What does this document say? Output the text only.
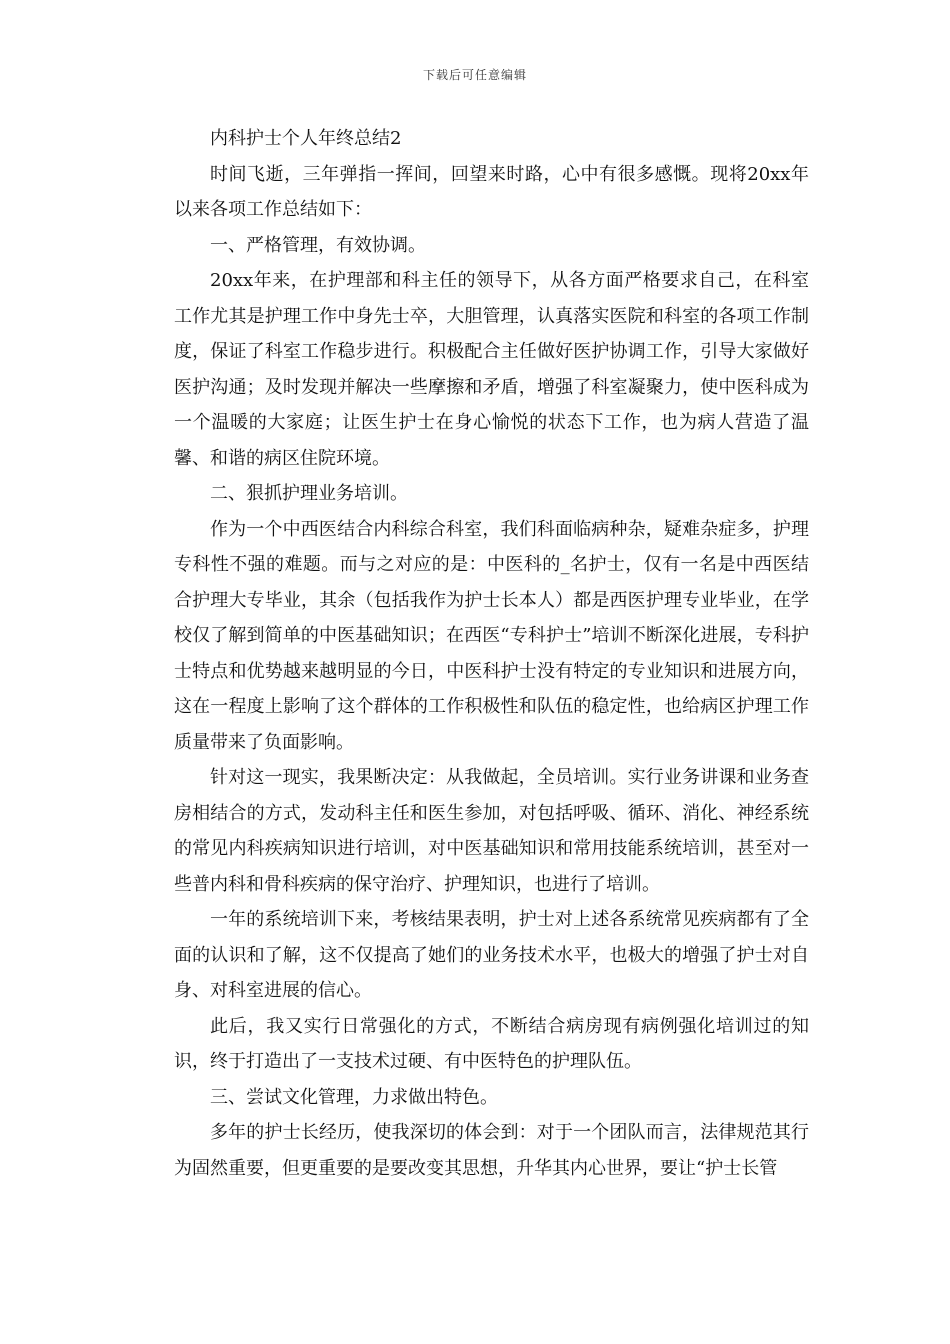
下载后可任意编辑

内科护士个人年终总结2

时间飞逝，三年弹指一挥间，回望来时路，心中有很多感慨。现将20xx年以来各项工作总结如下：

一、严格管理，有效协调。

20xx年来，在护理部和科主任的领导下，从各方面严格要求自己，在科室工作尤其是护理工作中身先士卒，大胆管理，认真落实医院和科室的各项工作制度，保证了科室工作稳步进行。积极配合主任做好医护协调工作，引导大家做好医护沟通；及时发现并解决一些摩擦和矛盾，增强了科室凝聚力，使中医科成为一个温暖的大家庭；让医生护士在身心愉悦的状态下工作，也为病人营造了温馨、和谐的病区住院环境。

二、狠抓护理业务培训。

作为一个中西医结合内科综合科室，我们科面临病种杂，疑难杂症多，护理专科性不强的难题。而与之对应的是：中医科的_名护士，仅有一名是中西医结合护理大专毕业，其余（包括我作为护士长本人）都是西医护理专业毕业，在学校仅了解到简单的中医基础知识；在西医“专科护士”培训不断深化进展，专科护士特点和优势越来越明显的今日，中医科护士没有特定的专业知识和进展方向，这在一程度上影响了这个群体的工作积极性和队伍的稳定性，也给病区护理工作质量带来了负面影响。

针对这一现实，我果断决定：从我做起，全员培训。实行业务讲课和业务查房相结合的方式，发动科主任和医生参加，对包括呼吸、循环、消化、神经系统的常见内科疾病知识进行培训，对中医基础知识和常用技能系统培训，甚至对一些普内科和骨科疾病的保守治疗、护理知识，也进行了培训。

一年的系统培训下来，考核结果表明，护士对上述各系统常见疾病都有了全面的认识和了解，这不仅提高了她们的业务技术水平，也极大的增强了护士对自身、对科室进展的信心。

此后，我又实行日常强化的方式，不断结合病房现有病例强化培训过的知识，终于打造出了一支技术过硬、有中医特色的护理队伍。

三、尝试文化管理，力求做出特色。

多年的护士长经历，使我深切的体会到：对于一个团队而言，法律规范其行为固然重要，但更重要的是要改变其思想，升华其内心世界，要让“护士长管
